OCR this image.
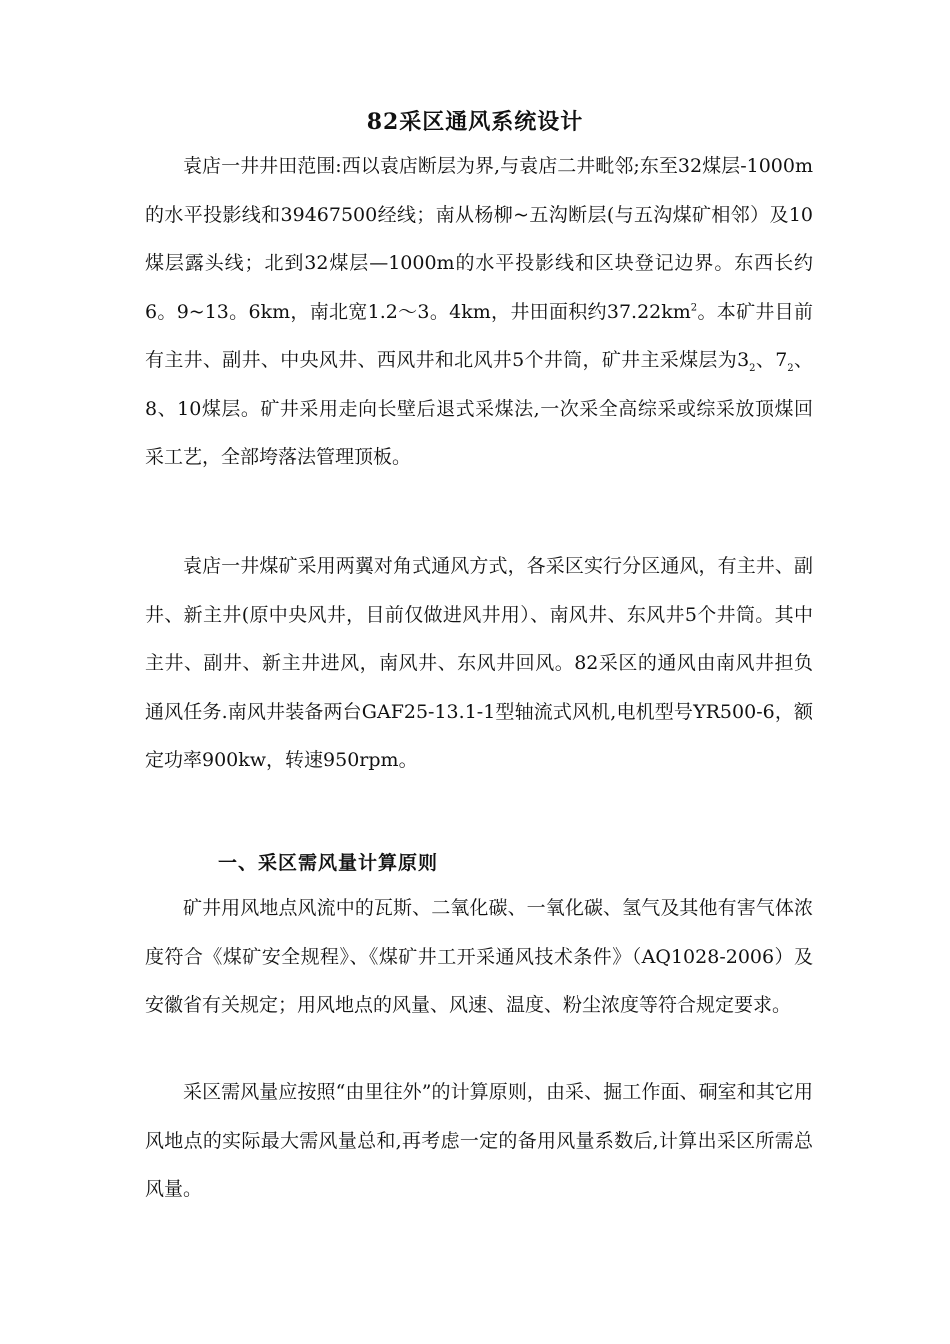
82采区通风系统设计

袁店一井井田范围:西以袁店断层为界,与袁店二井毗邻;东至32煤层-1000m的水平投影线和39467500经线；南从杨柳~五沟断层(与五沟煤矿相邻）及10煤层露头线；北到32煤层—1000m的水平投影线和区块登记边界。东西长约6。9~13。6km，南北宽1.2～3。4km，井田面积约$37.22km^2$。本矿井目前有主井、副井、中央风井、西风井和北风井5个井筒，矿井主采煤层为$3_2$、$7_2$、8、10煤层。矿井采用走向长壁后退式采煤法,一次采全高综采或综采放顶煤回采工艺，全部垮落法管理顶板。

袁店一井煤矿采用两翼对角式通风方式，各采区实行分区通风，有主井、副井、新主井(原中央风井，目前仅做进风井用）、南风井、东风井5个井筒。其中主井、副井、新主井进风，南风井、东风井回风。82采区的通风由南风井担负通风任务.南风井装备两台GAF25-13.1-1型轴流式风机,电机型号YR500-6，额定功率900kw，转速950rpm。

一、采区需风量计算原则

矿井用风地点风流中的瓦斯、二氧化碳、一氧化碳、氢气及其他有害气体浓度符合《煤矿安全规程》、《煤矿井工开采通风技术条件》（AQ1028-2006）及安徽省有关规定；用风地点的风量、风速、温度、粉尘浓度等符合规定要求。

采区需风量应按照“由里往外”的计算原则，由采、掘工作面、硐室和其它用风地点的实际最大需风量总和,再考虑一定的备用风量系数后,计算出采区所需总风量。
